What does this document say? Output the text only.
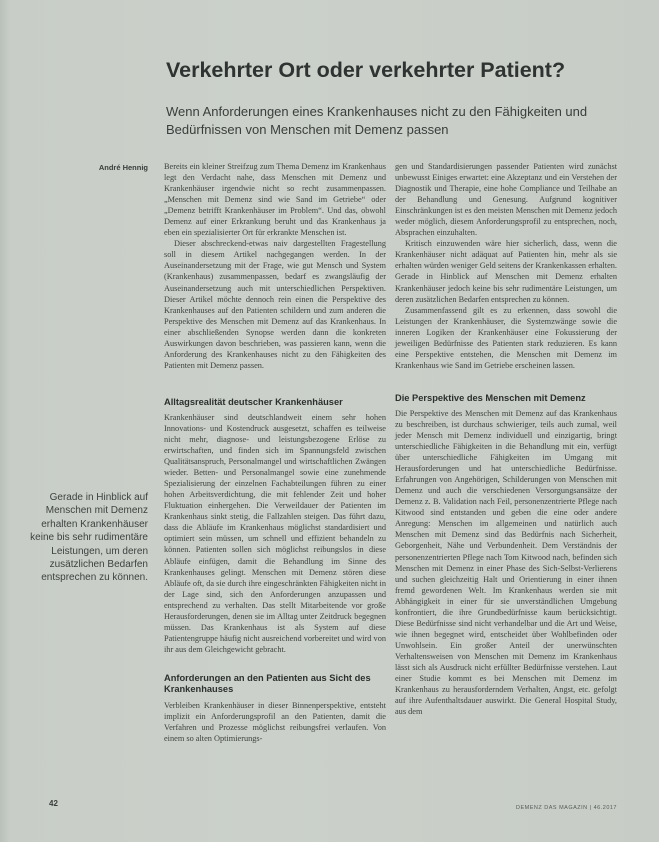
Verkehrter Ort oder verkehrter Patient?
Wenn Anforderungen eines Krankenhauses nicht zu den Fähigkeiten und Bedürfnissen von Menschen mit Demenz passen
André Hennig Bereits ein kleiner Streifzug zum Thema Demenz im Krankenhaus legt den Verdacht nahe, dass Menschen mit Demenz und Krankenhäuser irgendwie nicht so recht zusammenpassen. „Menschen mit Demenz sind wie Sand im Getriebe“ oder „Demenz betrifft Krankenhäuser im Problem“. Und das, obwohl Demenz auf einer Erkrankung beruht und das Krankenhaus ja eben ein spezialisierter Ort für erkrankte Menschen ist.

Dieser abschreckend-etwas naiv dargestellten Fragestellung soll in diesem Artikel nachgegangen werden. In der Auseinandersetzung mit der Frage, wie gut Mensch und System (Krankenhaus) zusammenpassen, bedarf es zwangsläufig der Auseinandersetzung auch mit unterschiedlichen Perspektiven. Dieser Artikel möchte dennoch rein einen die Perspektive des Krankenhauses auf den Patienten schildern und zum anderen die Perspektive des Menschen mit Demenz auf das Krankenhaus. In einer abschließenden Synopse werden dann die konkreten Auswirkungen davon beschrieben, was passieren kann, wenn die Anforderung des Krankenhauses nicht zu den Fähigkeiten des Patienten mit Demenz passen.

Alltagsrealität deutscher Krankenhäuser

Krankenhäuser sind deutschlandweit einem sehr hohen Innovations- und Kostendruck ausgesetzt, schaffen es teilweise nicht mehr, diagnose- und leistungsbezogene Erlöse zu erwirtschaften, und finden sich im Spannungsfeld zwischen Qualitätsanspruch, Personalmangel und wirtschaftlichen Zwängen wieder. Betten- und Personalmangel sowie eine zunehmende Spezialisierung der einzelnen Fachabteilungen führen zu einer hohen Arbeitsverdichtung, die mit fehlender Zeit und hoher Fluktuation einhergehen. Die Verweildauer der Patienten im Krankenhaus sinkt stetig, die Fallzahlen steigen. Das führt dazu, dass die Abläufe im Krankenhaus möglichst standardisiert und optimiert sein müssen, um schnell und effizient behandeln zu können. Patienten sollen sich möglichst reibungslos in diese Abläufe einfügen, damit die Behandlung im Sinne des Krankenhauses gelingt. Menschen mit Demenz stören diese Abläufe oft, da sie durch ihre eingeschränkten Fähigkeiten nicht in der Lage sind, sich den Anforderungen anzupassen und entsprechend zu verhalten. Das stellt Mitarbeitende vor große Herausforderungen, denen sie im Alltag unter Zeitdruck begegnen müssen. Das Krankenhaus ist als System auf diese Patientengruppe häufig nicht ausreichend vorbereitet und wird von ihr aus dem Gleichgewicht gebracht.

Anforderungen an den Patienten aus Sicht des Krankenhauses

Verbleiben Krankenhäuser in dieser Binnenperspektive, entsteht implizit ein Anforderungsprofil an den Patienten, damit die Verfahren und Prozesse möglichst reibungsfrei verlaufen. Von einem so alten Optimierungs-

gen und Standardisierungen passender Patienten wird zunächst unbewusst Einiges erwartet: eine Akzeptanz und ein Verstehen der Diagnostik und Therapie, eine hohe Compliance und Teilhabe an der Behandlung und Genesung. Aufgrund kognitiver Einschränkungen ist es den meisten Menschen mit Demenz jedoch weder möglich, diesem Anforderungsprofil zu entsprechen, noch, Absprachen einzuhalten.

Kritisch einzuwenden wäre hier sicherlich, dass, wenn die Krankenhäuser nicht adäquat auf Patienten hin, mehr als sie erhalten würden weniger Geld seitens der Krankenkassen erhalten. Gerade in Hinblick auf Menschen mit Demenz erhalten Krankenhäuser jedoch keine bis sehr rudimentäre Leistungen, um deren zusätzlichen Bedarfen entsprechen zu können.

Zusammenfassend gilt es zu erkennen, dass sowohl die Leistungen der Krankenhäuser, die Systemzwänge sowie die inneren Logiken der Krankenhäuser eine Fokussierung der jeweiligen Bedürfnisse des Patienten stark reduzieren. Es kann eine Perspektive entstehen, die Menschen mit Demenz im Krankenhaus wie Sand im Getriebe erscheinen lassen.

Die Perspektive des Menschen mit Demenz

Die Perspektive des Menschen mit Demenz auf das Krankenhaus zu beschreiben, ist durchaus schwieriger, teils auch zumal, weil jeder Mensch mit Demenz individuell und einzigartig, bringt unterschiedliche Fähigkeiten in die Behandlung mit ein, verfügt über unterschiedliche Fähigkeiten im Umgang mit Herausforderungen und hat unterschiedliche Bedürfnisse. Erfahrungen von Angehörigen, Schilderungen von Menschen mit Demenz und auch die verschiedenen Versorgungsansätze der Demenz z. B. Validation nach Feil, personenzentrierte Pflege nach Kitwood sind entstanden und geben die eine oder andere Anregung: Menschen im allgemeinen und natürlich auch Menschen mit Demenz sind das Bedürfnis nach Sicherheit, Geborgenheit, Nähe und Verbundenheit. Dem Verständnis der personenzentrierten Pflege nach Tom Kitwood nach, befinden sich Menschen mit Demenz in einer Phase des Sich-Selbst-Verlierens und suchen gleichzeitig Halt und Orientierung in einer ihnen fremd gewordenen Welt. Im Krankenhaus werden sie mit Abhängigkeit in einer für sie unverständlichen Umgebung konfrontiert, die ihre Grundbedürfnisse kaum berücksichtigt. Diese Bedürfnisse sind nicht verhandelbar und die Art und Weise, wie ihnen begegnet wird, entscheidet über Wohlbefinden oder Unwohlsein. Ein großer Anteil der unerwünschten Verhaltensweisen von Menschen mit Demenz im Krankenhaus lässt sich als Ausdruck nicht erfüllter Bedürfnisse verstehen. Laut einer Studie kommt es bei Menschen mit Demenz im Krankenhaus zu herausforderndem Verhalten, Angst, etc. gefolgt auf ihre Aufenthaltsdauer auswirkt. Die General Hospital Study, aus dem

Gerade in Hinblick auf Menschen mit Demenz erhalten Krankenhäuser keine bis sehr rudimentäre Leistungen, um deren zusätzlichen Bedarfen entsprechen zu können.
42	DEMENZ DAS MAGAZIN | 46.2017
